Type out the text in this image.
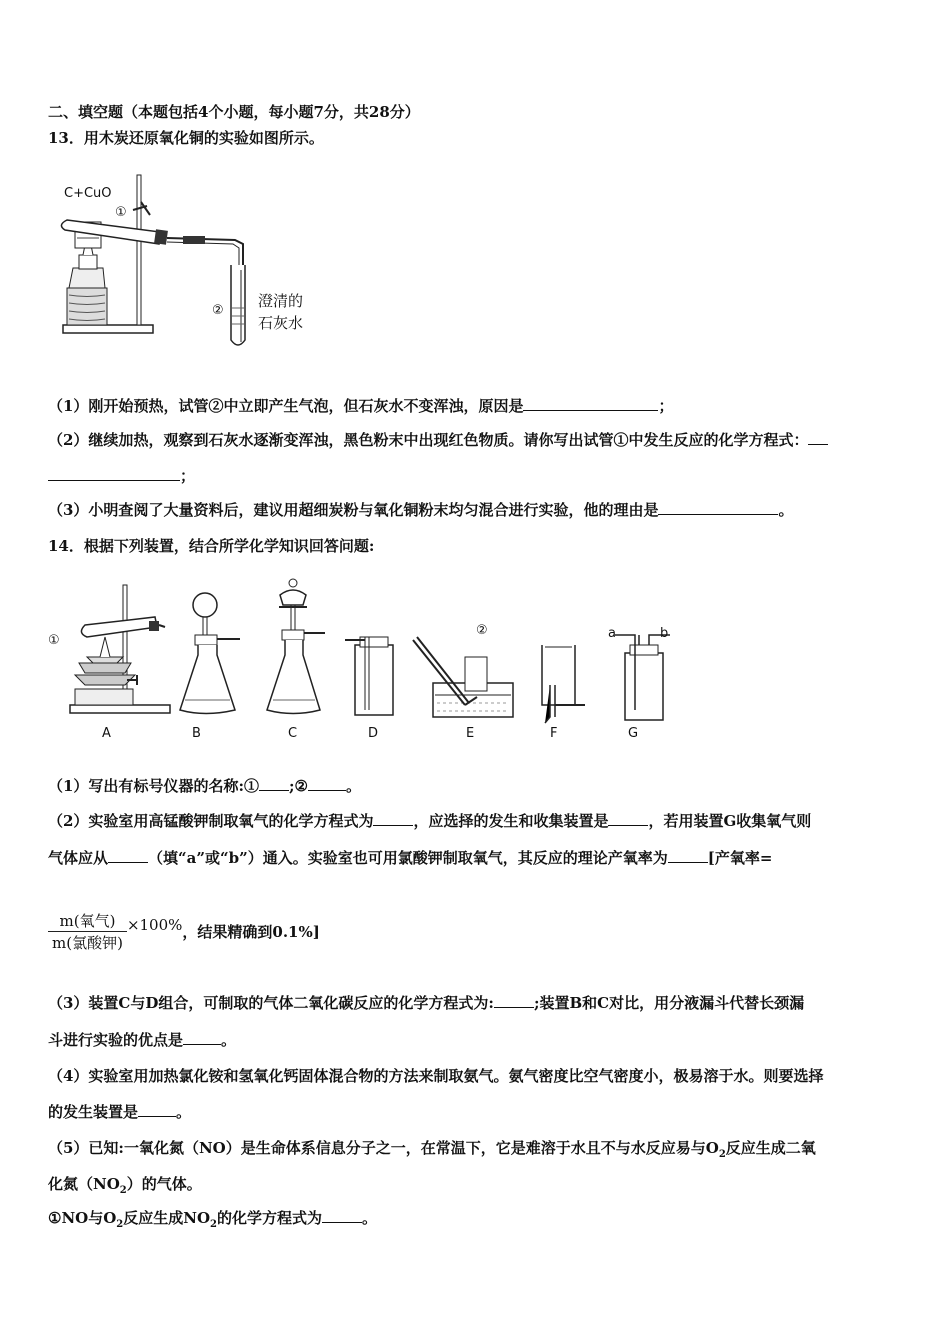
二、填空题（本题包括4个小题，每小题7分，共28分）
13．用木炭还原氧化铜的实验如图所示。
C+CuO
①
②
澄清的
石灰水
（1）刚开始预热，试管②中立即产生气泡，但石灰水不变浑浊，原因是	；
（2）继续加热，观察到石灰水逐渐变浑浊，黑色粉末中出现红色物质。请你写出试管①中发生反应的化学方程式：
；
（3）小明查阅了大量资料后，建议用超细炭粉与氧化铜粉末均匀混合进行实验，他的理由是	。
14．根据下列装置，结合所学化学知识回答问题:
①
②	a	b
A	B	C	D	E	F	G
（1）写出有标号仪器的名称:① ;②	。
（2）实验室用高锰酸钾制取氧气的化学方程式为	，应选择的发生和收集装置是	，若用装置G收集氧气则
气体应从	（填“a”或“b”）通入。实验室也可用氯酸钾制取氧气，其反应的理论产氧率为	[产氧率=
m(氧气)
m(氯酸钾)
×100%，结果精确到0.1%]
（3）装置C与D组合，可制取的气体二氧化碳反应的化学方程式为:	;装置B和C对比，用分液漏斗代替长颈漏
斗进行实验的优点是	。
（4）实验室用加热氯化铵和氢氧化钙固体混合物的方法来制取氨气。氨气密度比空气密度小，极易溶于水。则要选择
的发生装置是	。
（5）已知:一氧化氮（NO）是生命体系信息分子之一，在常温下，它是难溶于水且不与水反应易与$O_2$反应生成二氧
化氮$(NO_2)$的气体。
①NO与$O_2$反应生成$NO_2$的化学方程式为	。
